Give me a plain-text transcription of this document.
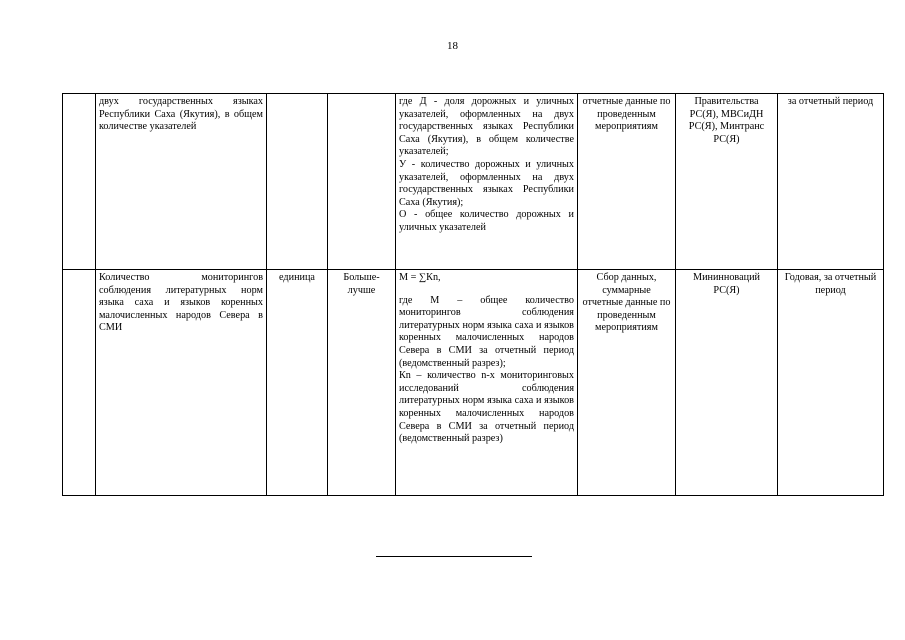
18
	двух государственных языках Республики Саха (Якутия), в общем количестве указателей			где Д - доля дорожных и уличных указателей, оформленных на двух государственных языках Республики Саха (Якутия), в общем количестве указателей;
У - количество дорожных и уличных указателей, оформленных на двух государственных языках Республики Саха (Якутия);
О - общее количество дорожных и уличных указателей	отчетные данные по проведенным мероприятиям	Правительства РС(Я), МВСиДН РС(Я), Минтранс РС(Я)	за отчетный период
	Количество мониторингов соблюдения литературных норм языка саха и языков коренных малочисленных народов Севера в СМИ	единица	Больше-лучше	М = ∑Кn,
где М – общее количество мониторингов соблюдения литературных норм языка саха и языков коренных малочисленных народов Севера в СМИ за отчетный период (ведомственный разрез);
Кn – количество n-х мониторинговых исследований соблюдения литературных норм языка саха и языков коренных малочисленных народов Севера в СМИ за отчетный период (ведомственный разрез)	Сбор данных, суммарные отчетные данные по проведенным мероприятиям	Мининноваций РС(Я)	Годовая, за отчетный период
